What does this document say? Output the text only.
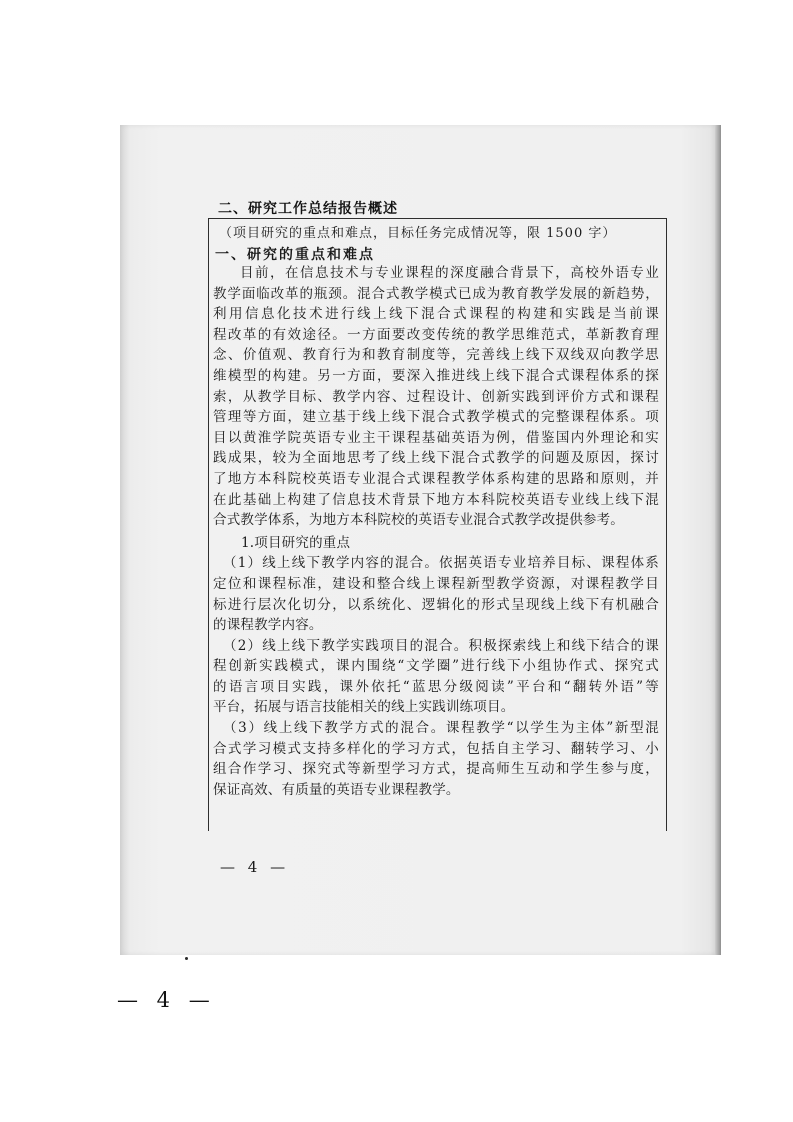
二、研究工作总结报告概述
（项目研究的重点和难点，目标任务完成情况等，限 1500 字）
一、研究的重点和难点

目前，在信息技术与专业课程的深度融合背景下，高校外语专业
教学面临改革的瓶颈。混合式教学模式已成为教育教学发展的新趋势，
利用信息化技术进行线上线下混合式课程的构建和实践是当前课
程改革的有效途径。一方面要改变传统的教学思维范式，革新教育理
念、价值观、教育行为和教育制度等，完善线上线下双线双向教学思
维模型的构建。另一方面，要深入推进线上线下混合式课程体系的探
索，从教学目标、教学内容、过程设计、创新实践到评价方式和课程
管理等方面，建立基于线上线下混合式教学模式的完整课程体系。项
目以黄淮学院英语专业主干课程基础英语为例，借鉴国内外理论和实
践成果，较为全面地思考了线上线下混合式教学的问题及原因，探讨
了地方本科院校英语专业混合式课程教学体系构建的思路和原则，并
在此基础上构建了信息技术背景下地方本科院校英语专业线上线下混
合式教学体系，为地方本科院校的英语专业混合式教学改提供参考。

1.项目研究的重点

（1）线上线下教学内容的混合。依据英语专业培养目标、课程体系
定位和课程标准，建设和整合线上课程新型教学资源，对课程教学目
标进行层次化切分，以系统化、逻辑化的形式呈现线上线下有机融合
的课程教学内容。

（2）线上线下教学实践项目的混合。积极探索线上和线下结合的课
程创新实践模式，课内围绕“文学圈”进行线下小组协作式、探究式
的语言项目实践，课外依托“蓝思分级阅读”平台和“翻转外语”等
平台，拓展与语言技能相关的线上实践训练项目。

（3）线上线下教学方式的混合。课程教学“以学生为主体”新型混
合式学习模式支持多样化的学习方式，包括自主学习、翻转学习、小
组合作学习、探究式等新型学习方式，提高师生互动和学生参与度，
保证高效、有质量的英语专业课程教学。

— 4 —
— 4 —
